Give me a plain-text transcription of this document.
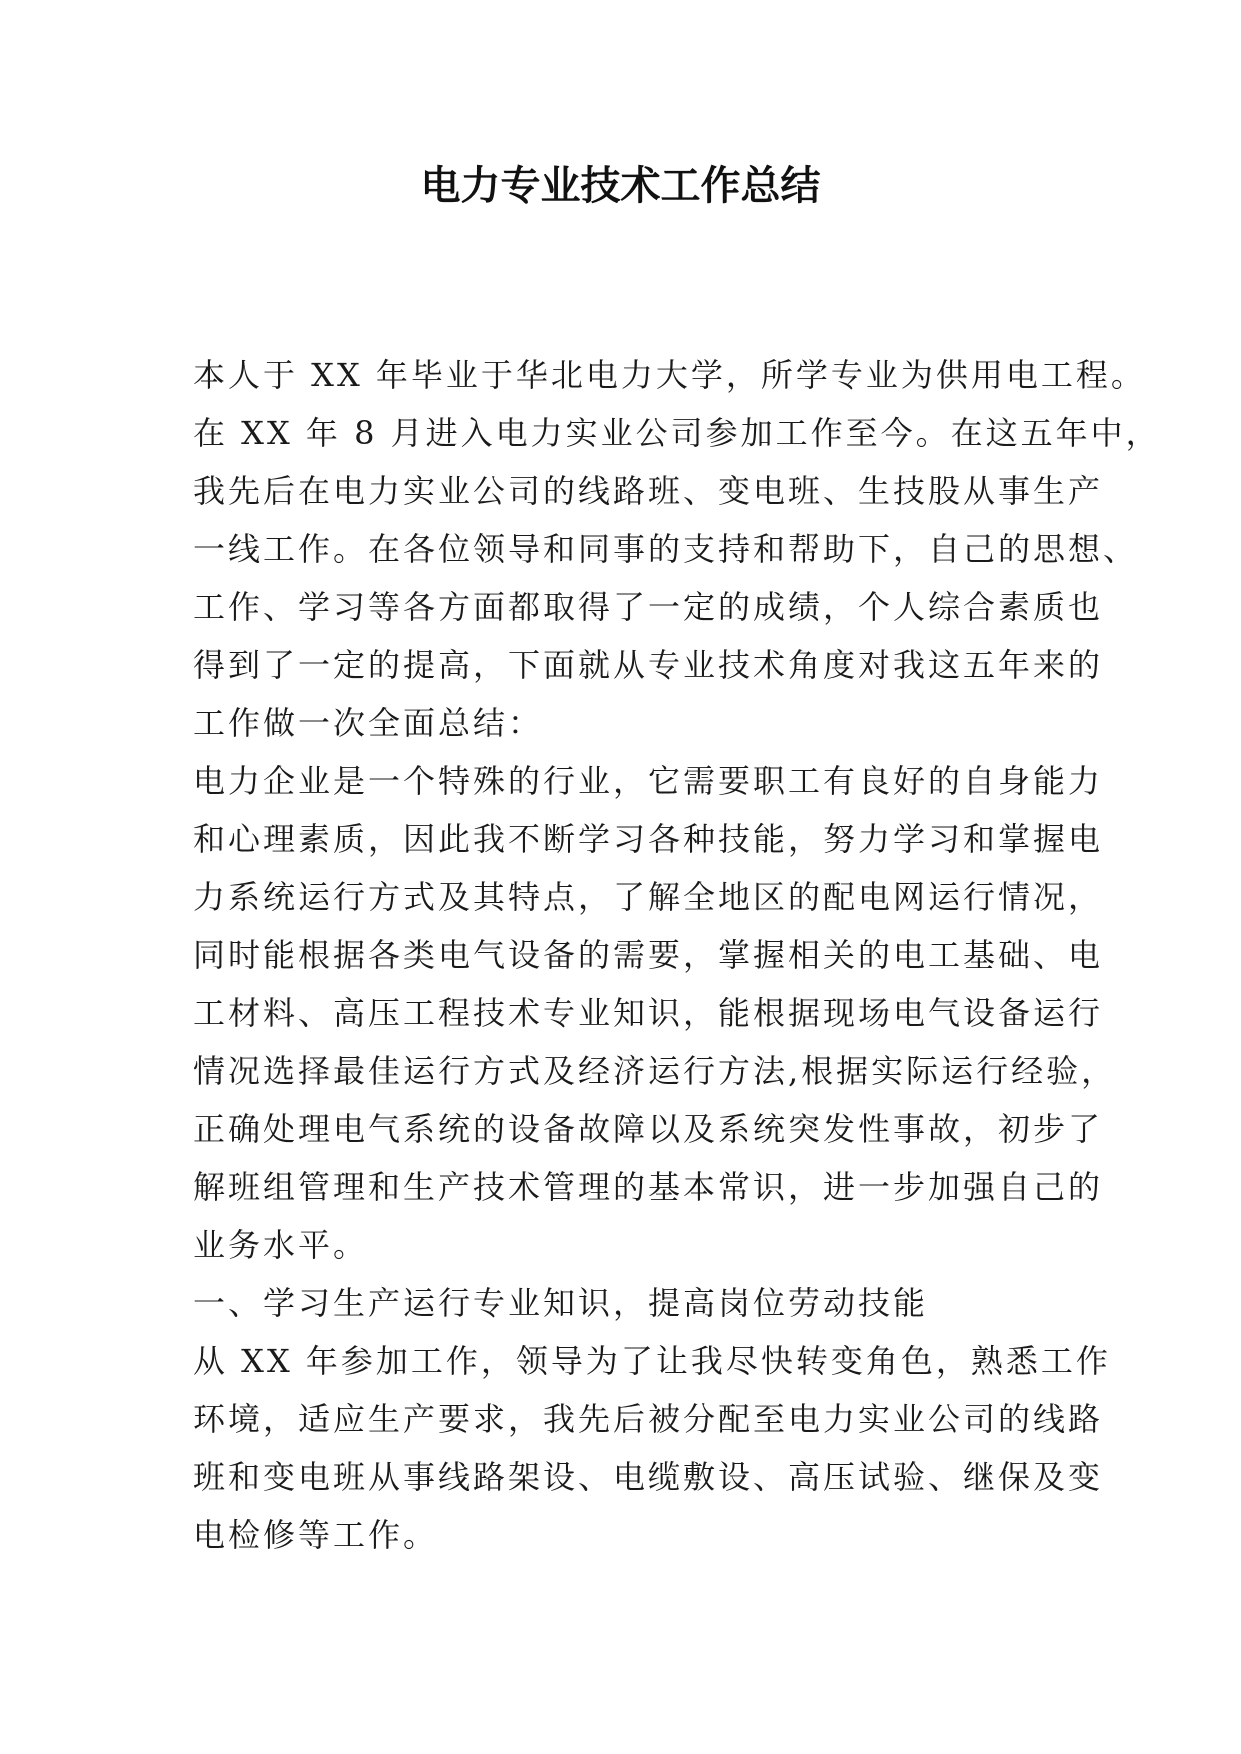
电力专业技术工作总结
本人于 XX 年毕业于华北电力大学，所学专业为供用电工程。
在 XX 年 8 月进入电力实业公司参加工作至今。在这五年中，
我先后在电力实业公司的线路班、变电班、生技股从事生产
一线工作。在各位领导和同事的支持和帮助下，自己的思想、
工作、学习等各方面都取得了一定的成绩，个人综合素质也
得到了一定的提高，下面就从专业技术角度对我这五年来的
工作做一次全面总结：
电力企业是一个特殊的行业，它需要职工有良好的自身能力
和心理素质，因此我不断学习各种技能，努力学习和掌握电
力系统运行方式及其特点，了解全地区的配电网运行情况，
同时能根据各类电气设备的需要，掌握相关的电工基础、电
工材料、高压工程技术专业知识，能根据现场电气设备运行
情况选择最佳运行方式及经济运行方法,根据实际运行经验，
正确处理电气系统的设备故障以及系统突发性事故，初步了
解班组管理和生产技术管理的基本常识，进一步加强自己的
业务水平。
一、学习生产运行专业知识，提高岗位劳动技能
从 XX 年参加工作，领导为了让我尽快转变角色，熟悉工作
环境，适应生产要求，我先后被分配至电力实业公司的线路
班和变电班从事线路架设、电缆敷设、高压试验、继保及变
电检修等工作。
